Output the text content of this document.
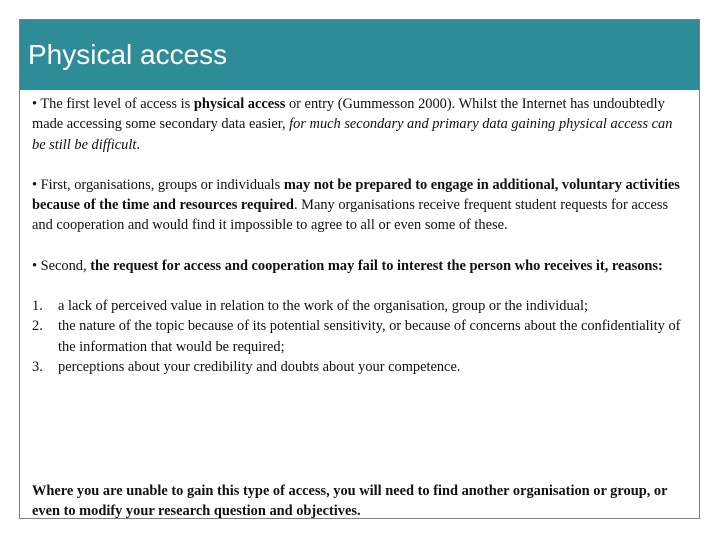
Physical access

• The first level of access is physical access or entry (Gummesson 2000). Whilst the Internet has undoubtedly made accessing some secondary data easier, for much secondary and primary data gaining physical access can be still be difficult.

• First, organisations, groups or individuals may not be prepared to engage in additional, voluntary activities because of the time and resources required. Many organisations receive frequent student requests for access and cooperation and would find it impossible to agree to all or even some of these.

• Second, the request for access and cooperation may fail to interest the person who receives it, reasons:

1. a lack of perceived value in relation to the work of the organisation, group or the individual;
2. the nature of the topic because of its potential sensitivity, or because of concerns about the confidentiality of the information that would be required;
3. perceptions about your credibility and doubts about your competence.

Where you are unable to gain this type of access, you will need to find another organisation or group, or even to modify your research question and objectives.
